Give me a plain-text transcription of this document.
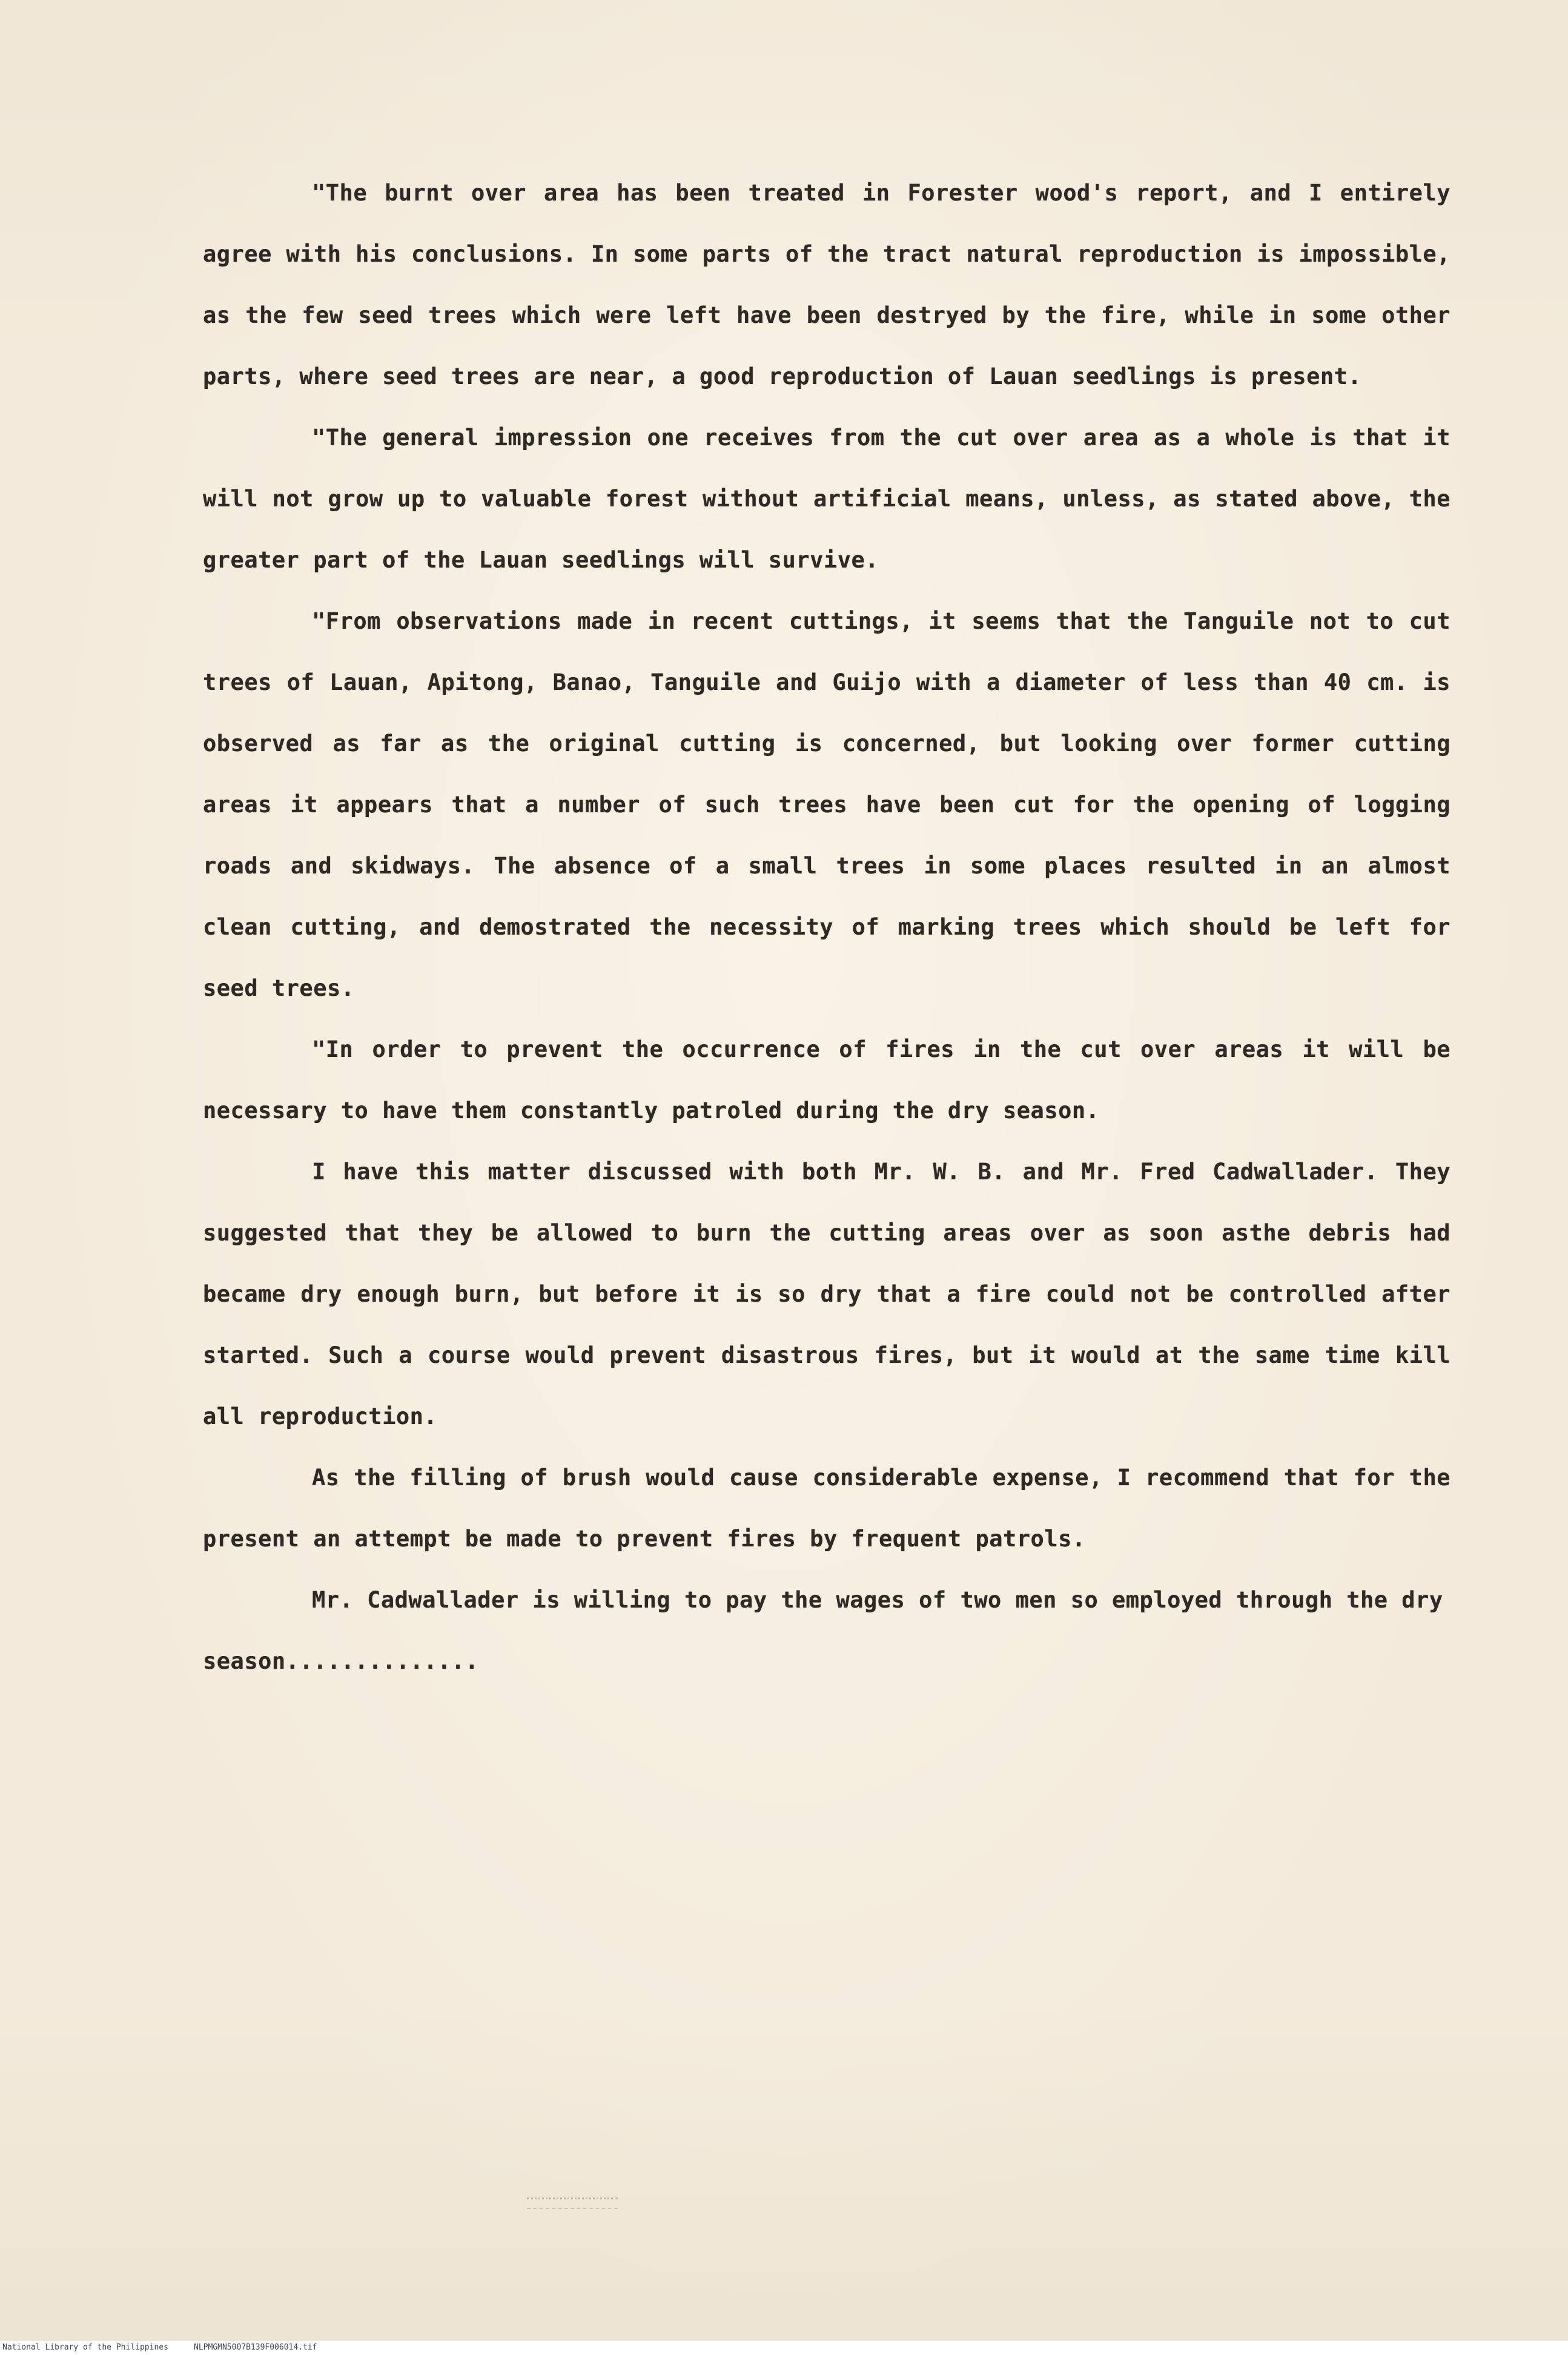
"The burnt over area has been treated in Forester wood's report, and I entirely agree with his conclusions. In some parts of the tract natural reproduction is impossible, as the few seed trees which were left have been destryed by the fire, while in some other parts, where seed trees are near, a good reproduction of Lauan seedlings is present.

"The general impression one receives from the cut over area as a whole is that it will not grow up to valuable forest without artificial means, unless, as stated above, the greater part of the Lauan seedlings will survive.

"From observations made in recent cuttings, it seems that the Tanguile not to cut trees of Lauan, Apitong, Banao, Tanguile and Guijo with a diameter of less than 40 cm. is observed as far as the original cutting is concerned, but looking over former cutting areas it appears that a number of such trees have been cut for the opening of logging roads and skidways. The absence of a small trees in some places resulted in an almost clean cutting, and demostrated the necessity of marking trees which should be left for seed trees.

"In order to prevent the occurrence of fires in the cut over areas it will be necessary to have them constantly patroled during the dry season.

I have this matter discussed with both Mr. W. B. and Mr. Fred Cadwallader. They suggested that they be allowed to burn the cutting areas over as soon asthe debris had became dry enough burn, but before it is so dry that a fire could not be controlled after started. Such a course would prevent disastrous fires, but it would at the same time kill all reproduction.

As the filling of brush would cause considerable expense, I recommend that for the present an attempt be made to prevent fires by frequent patrols.

Mr. Cadwallader is willing to pay the wages of two men so employed through the dry season..............

National Library of the Philippines	NLPMGMN5007B139F006014.tif
